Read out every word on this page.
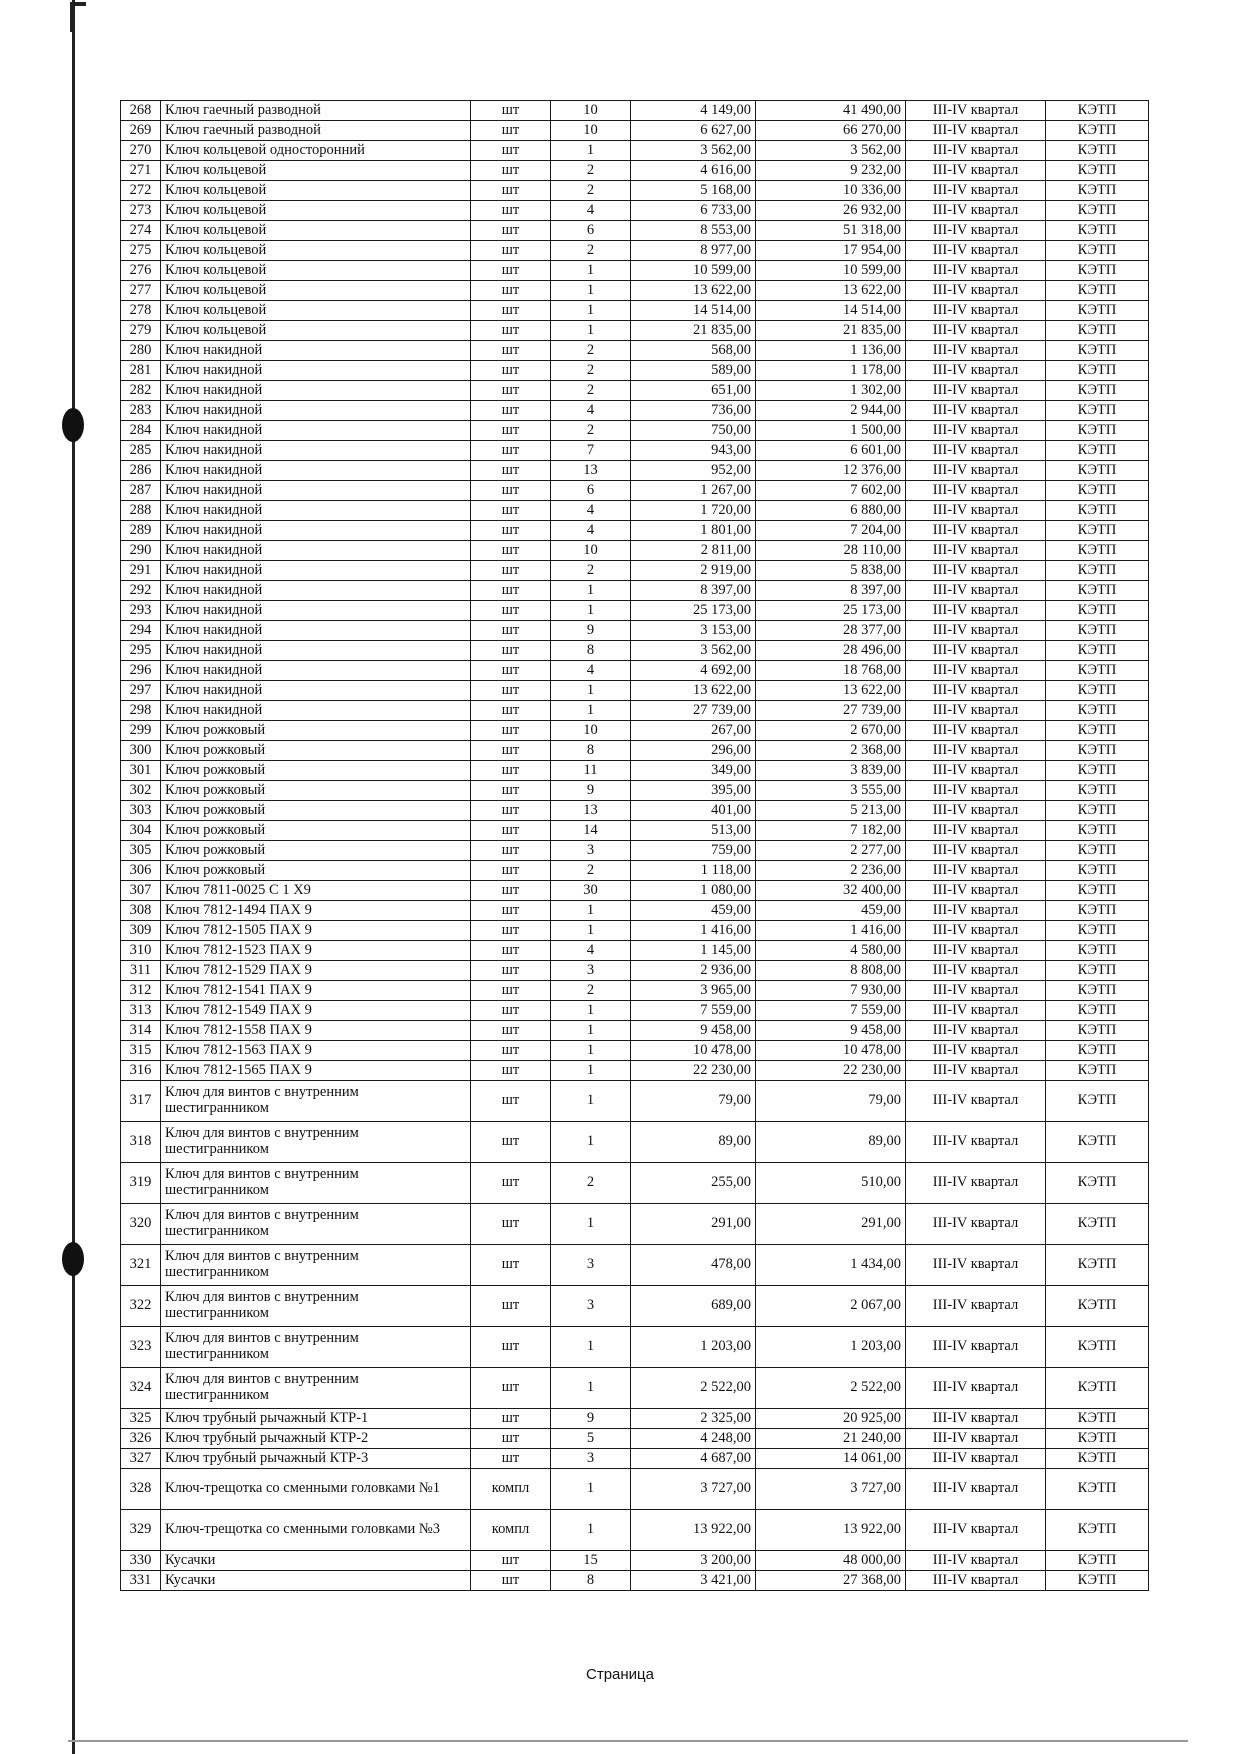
268	Ключ гаечный разводной	шт	10	4 149,00	41 490,00	III-IV квартал	КЭТП
269	Ключ гаечный разводной	шт	10	6 627,00	66 270,00	III-IV квартал	КЭТП
270	Ключ кольцевой односторонний	шт	1	3 562,00	3 562,00	III-IV квартал	КЭТП
271	Ключ кольцевой	шт	2	4 616,00	9 232,00	III-IV квартал	КЭТП
272	Ключ кольцевой	шт	2	5 168,00	10 336,00	III-IV квартал	КЭТП
273	Ключ кольцевой	шт	4	6 733,00	26 932,00	III-IV квартал	КЭТП
274	Ключ кольцевой	шт	6	8 553,00	51 318,00	III-IV квартал	КЭТП
275	Ключ кольцевой	шт	2	8 977,00	17 954,00	III-IV квартал	КЭТП
276	Ключ кольцевой	шт	1	10 599,00	10 599,00	III-IV квартал	КЭТП
277	Ключ кольцевой	шт	1	13 622,00	13 622,00	III-IV квартал	КЭТП
278	Ключ кольцевой	шт	1	14 514,00	14 514,00	III-IV квартал	КЭТП
279	Ключ кольцевой	шт	1	21 835,00	21 835,00	III-IV квартал	КЭТП
280	Ключ накидной	шт	2	568,00	1 136,00	III-IV квартал	КЭТП
281	Ключ накидной	шт	2	589,00	1 178,00	III-IV квартал	КЭТП
282	Ключ накидной	шт	2	651,00	1 302,00	III-IV квартал	КЭТП
283	Ключ накидной	шт	4	736,00	2 944,00	III-IV квартал	КЭТП
284	Ключ накидной	шт	2	750,00	1 500,00	III-IV квартал	КЭТП
285	Ключ накидной	шт	7	943,00	6 601,00	III-IV квартал	КЭТП
286	Ключ накидной	шт	13	952,00	12 376,00	III-IV квартал	КЭТП
287	Ключ накидной	шт	6	1 267,00	7 602,00	III-IV квартал	КЭТП
288	Ключ накидной	шт	4	1 720,00	6 880,00	III-IV квартал	КЭТП
289	Ключ накидной	шт	4	1 801,00	7 204,00	III-IV квартал	КЭТП
290	Ключ накидной	шт	10	2 811,00	28 110,00	III-IV квартал	КЭТП
291	Ключ накидной	шт	2	2 919,00	5 838,00	III-IV квартал	КЭТП
292	Ключ накидной	шт	1	8 397,00	8 397,00	III-IV квартал	КЭТП
293	Ключ накидной	шт	1	25 173,00	25 173,00	III-IV квартал	КЭТП
294	Ключ накидной	шт	9	3 153,00	28 377,00	III-IV квартал	КЭТП
295	Ключ накидной	шт	8	3 562,00	28 496,00	III-IV квартал	КЭТП
296	Ключ накидной	шт	4	4 692,00	18 768,00	III-IV квартал	КЭТП
297	Ключ накидной	шт	1	13 622,00	13 622,00	III-IV квартал	КЭТП
298	Ключ накидной	шт	1	27 739,00	27 739,00	III-IV квартал	КЭТП
299	Ключ рожковый	шт	10	267,00	2 670,00	III-IV квартал	КЭТП
300	Ключ рожковый	шт	8	296,00	2 368,00	III-IV квартал	КЭТП
301	Ключ рожковый	шт	11	349,00	3 839,00	III-IV квартал	КЭТП
302	Ключ рожковый	шт	9	395,00	3 555,00	III-IV квартал	КЭТП
303	Ключ рожковый	шт	13	401,00	5 213,00	III-IV квартал	КЭТП
304	Ключ рожковый	шт	14	513,00	7 182,00	III-IV квартал	КЭТП
305	Ключ рожковый	шт	3	759,00	2 277,00	III-IV квартал	КЭТП
306	Ключ рожковый	шт	2	1 118,00	2 236,00	III-IV квартал	КЭТП
307	Ключ 7811-0025 С 1 Х9	шт	30	1 080,00	32 400,00	III-IV квартал	КЭТП
308	Ключ 7812-1494 ПАХ 9	шт	1	459,00	459,00	III-IV квартал	КЭТП
309	Ключ 7812-1505 ПАХ 9	шт	1	1 416,00	1 416,00	III-IV квартал	КЭТП
310	Ключ 7812-1523 ПАХ 9	шт	4	1 145,00	4 580,00	III-IV квартал	КЭТП
311	Ключ 7812-1529 ПАХ 9	шт	3	2 936,00	8 808,00	III-IV квартал	КЭТП
312	Ключ 7812-1541 ПАХ 9	шт	2	3 965,00	7 930,00	III-IV квартал	КЭТП
313	Ключ 7812-1549 ПАХ 9	шт	1	7 559,00	7 559,00	III-IV квартал	КЭТП
314	Ключ 7812-1558 ПАХ 9	шт	1	9 458,00	9 458,00	III-IV квартал	КЭТП
315	Ключ 7812-1563 ПАХ 9	шт	1	10 478,00	10 478,00	III-IV квартал	КЭТП
316	Ключ 7812-1565 ПАХ 9	шт	1	22 230,00	22 230,00	III-IV квартал	КЭТП
317	Ключ для винтов с внутренним шестигранником	шт	1	79,00	79,00	III-IV квартал	КЭТП
318	Ключ для винтов с внутренним шестигранником	шт	1	89,00	89,00	III-IV квартал	КЭТП
319	Ключ для винтов с внутренним шестигранником	шт	2	255,00	510,00	III-IV квартал	КЭТП
320	Ключ для винтов с внутренним шестигранником	шт	1	291,00	291,00	III-IV квартал	КЭТП
321	Ключ для винтов с внутренним шестигранником	шт	3	478,00	1 434,00	III-IV квартал	КЭТП
322	Ключ для винтов с внутренним шестигранником	шт	3	689,00	2 067,00	III-IV квартал	КЭТП
323	Ключ для винтов с внутренним шестигранником	шт	1	1 203,00	1 203,00	III-IV квартал	КЭТП
324	Ключ для винтов с внутренним шестигранником	шт	1	2 522,00	2 522,00	III-IV квартал	КЭТП
325	Ключ трубный рычажный КТР-1	шт	9	2 325,00	20 925,00	III-IV квартал	КЭТП
326	Ключ трубный рычажный КТР-2	шт	5	4 248,00	21 240,00	III-IV квартал	КЭТП
327	Ключ трубный рычажный КТР-3	шт	3	4 687,00	14 061,00	III-IV квартал	КЭТП
328	Ключ-трещотка со сменными головками №1	компл	1	3 727,00	3 727,00	III-IV квартал	КЭТП
329	Ключ-трещотка со сменными головками №3	компл	1	13 922,00	13 922,00	III-IV квартал	КЭТП
330	Кусачки	шт	15	3 200,00	48 000,00	III-IV квартал	КЭТП
331	Кусачки	шт	8	3 421,00	27 368,00	III-IV квартал	КЭТП
Страница
